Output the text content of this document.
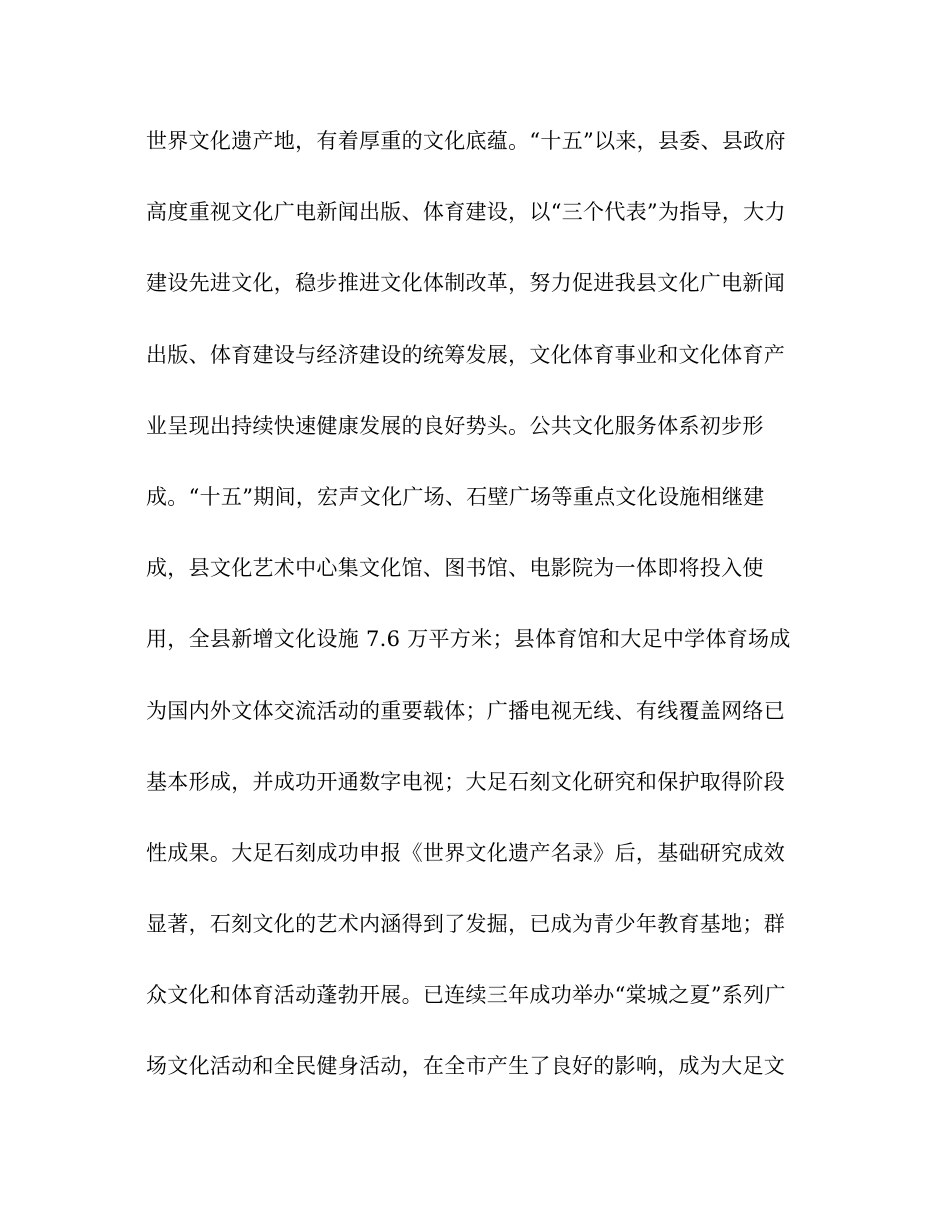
世界文化遗产地，有着厚重的文化底蕴。“十五”以来，县委、县政府
高度重视文化广电新闻出版、体育建设，以“三个代表”为指导，大力
建设先进文化，稳步推进文化体制改革，努力促进我县文化广电新闻
出版、体育建设与经济建设的统筹发展，文化体育事业和文化体育产
业呈现出持续快速健康发展的良好势头。公共文化服务体系初步形
成。“十五”期间，宏声文化广场、石壁广场等重点文化设施相继建
成，县文化艺术中心集文化馆、图书馆、电影院为一体即将投入使
用，全县新增文化设施 7.6 万平方米；县体育馆和大足中学体育场成
为国内外文体交流活动的重要载体；广播电视无线、有线覆盖网络已
基本形成，并成功开通数字电视；大足石刻文化研究和保护取得阶段
性成果。大足石刻成功申报《世界文化遗产名录》后，基础研究成效
显著，石刻文化的艺术内涵得到了发掘，已成为青少年教育基地；群
众文化和体育活动蓬勃开展。已连续三年成功举办“棠城之夏”系列广
场文化活动和全民健身活动，在全市产生了良好的影响，成为大足文
